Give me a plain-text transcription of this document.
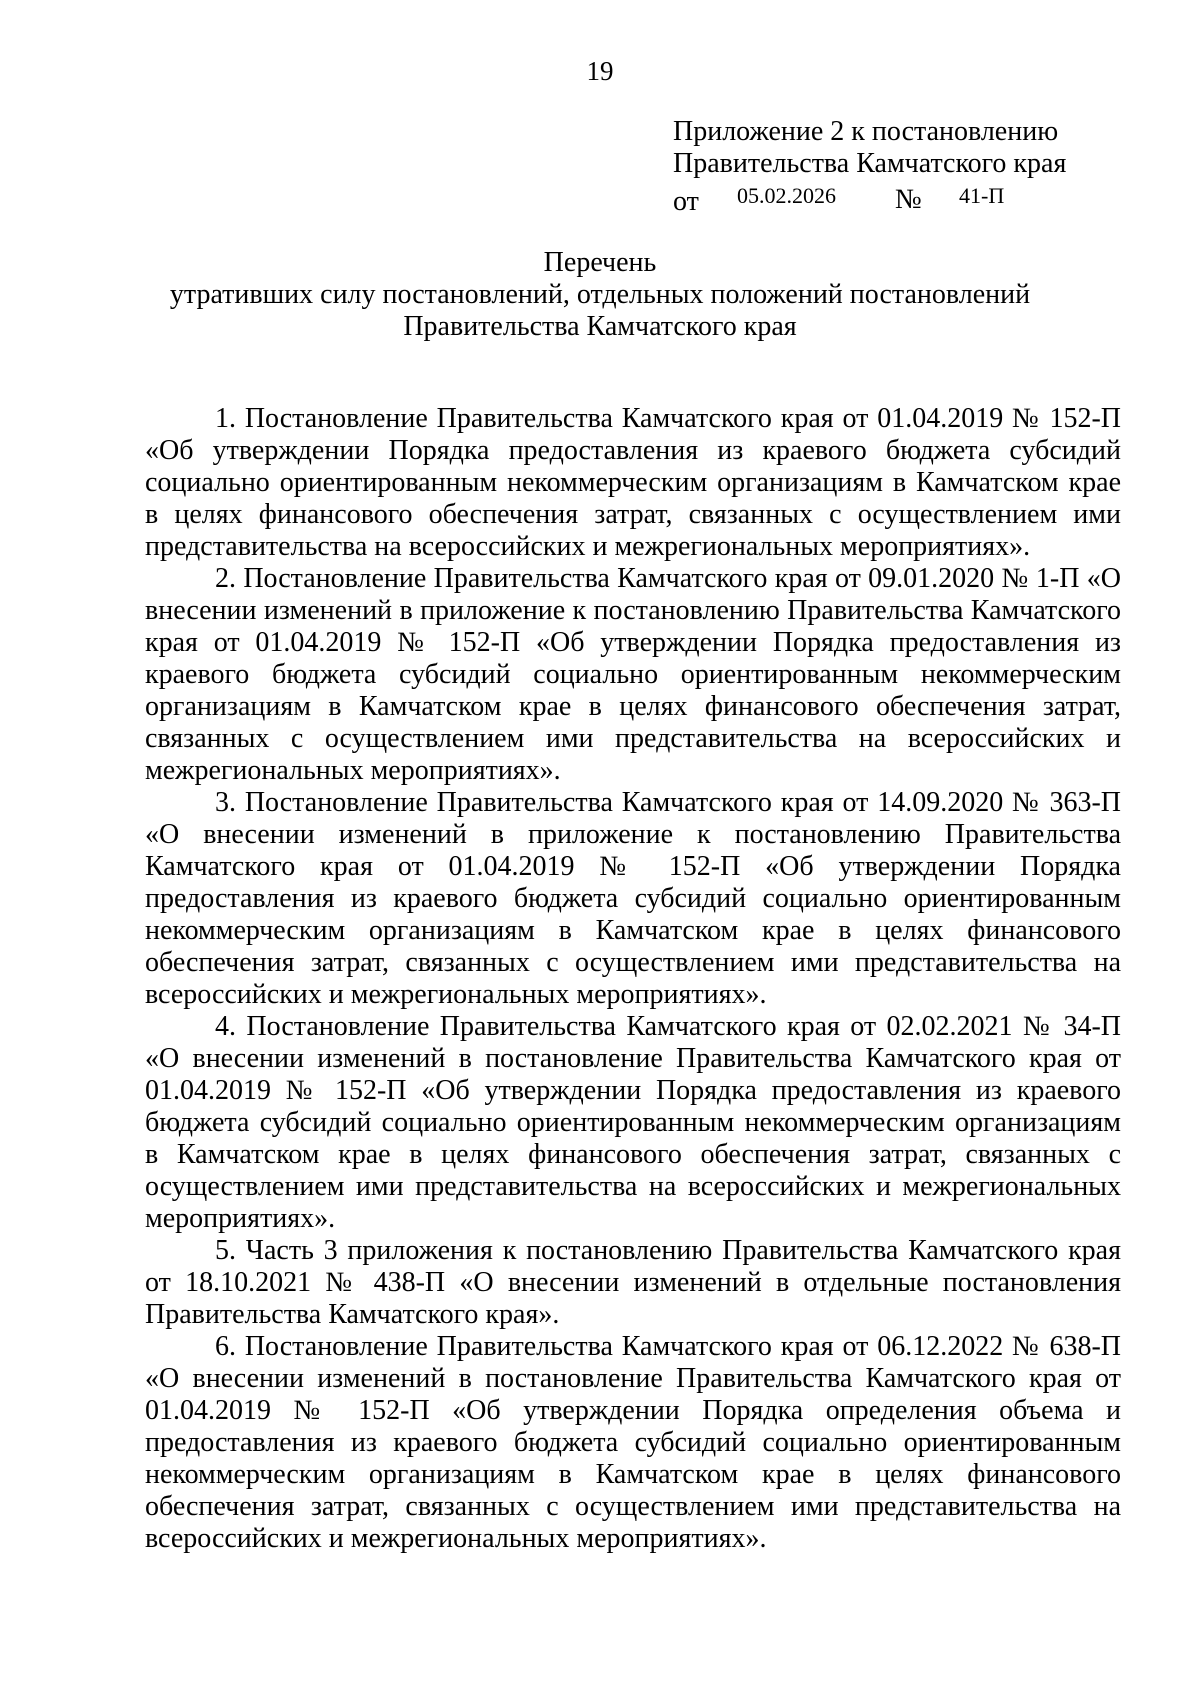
19
Приложение 2 к постановлению
Правительства Камчатского края
от 05.02.2026 № 41-П
Перечень
утративших силу постановлений, отдельных положений постановлений
Правительства Камчатского края

1. Постановление Правительства Камчатского края от 01.04.2019 № 152-П «Об утверждении Порядка предоставления из краевого бюджета субсидий социально ориентированным некоммерческим организациям в Камчатском крае в целях финансового обеспечения затрат, связанных с осуществлением ими представительства на всероссийских и межрегиональных мероприятиях».

2. Постановление Правительства Камчатского края от 09.01.2020 № 1-П «О внесении изменений в приложение к постановлению Правительства Камчатского края от 01.04.2019 № 152-П «Об утверждении Порядка предоставления из краевого бюджета субсидий социально ориентированным некоммерческим организациям в Камчатском крае в целях финансового обеспечения затрат, связанных с осуществлением ими представительства на всероссийских и межрегиональных мероприятиях».

3. Постановление Правительства Камчатского края от 14.09.2020 № 363-П «О внесении изменений в приложение к постановлению Правительства Камчатского края от 01.04.2019 № 152-П «Об утверждении Порядка предоставления из краевого бюджета субсидий социально ориентированным некоммерческим организациям в Камчатском крае в целях финансового обеспечения затрат, связанных с осуществлением ими представительства на всероссийских и межрегиональных мероприятиях».

4. Постановление Правительства Камчатского края от 02.02.2021 № 34-П «О внесении изменений в постановление Правительства Камчатского края от 01.04.2019 № 152-П «Об утверждении Порядка предоставления из краевого бюджета субсидий социально ориентированным некоммерческим организациям в Камчатском крае в целях финансового обеспечения затрат, связанных с осуществлением ими представительства на всероссийских и межрегиональных мероприятиях».

5. Часть 3 приложения к постановлению Правительства Камчатского края от 18.10.2021 № 438-П «О внесении изменений в отдельные постановления Правительства Камчатского края».

6. Постановление Правительства Камчатского края от 06.12.2022 № 638-П «О внесении изменений в постановление Правительства Камчатского края от 01.04.2019 № 152-П «Об утверждении Порядка определения объема и предоставления из краевого бюджета субсидий социально ориентированным некоммерческим организациям в Камчатском крае в целях финансового обеспечения затрат, связанных с осуществлением ими представительства на всероссийских и межрегиональных мероприятиях».
